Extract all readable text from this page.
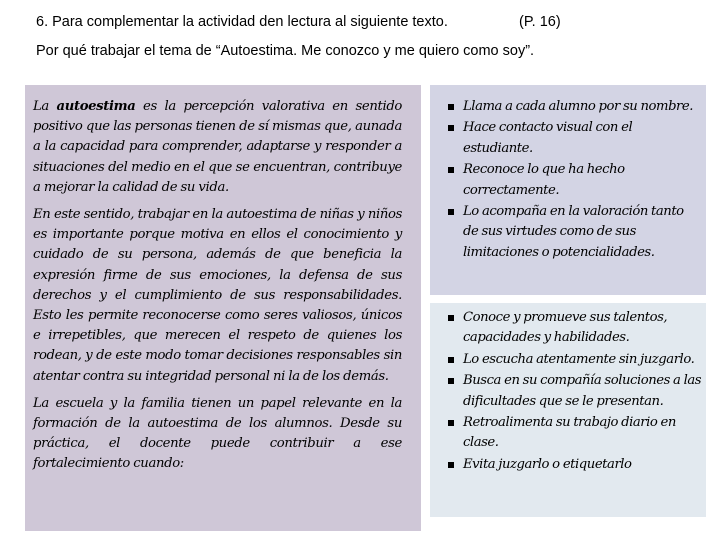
6. Para complementar la actividad den lectura al siguiente texto.	(P. 16)
Por qué trabajar el tema de “Autoestima. Me conozco y me quiero como soy”.

La autoestima es la percepción valorativa en sentido positivo que las personas tienen de sí mismas que, aunada a la capacidad para comprender, adaptarse y responder a situaciones del medio en el que se encuentran, contribuye a mejorar la calidad de su vida.

En este sentido, trabajar en la autoestima de niñas y niños es importante porque motiva en ellos el conocimiento y cuidado de su persona, además de que beneficia la expresión firme de sus emociones, la defensa de sus derechos y el cumplimiento de sus responsabilidades. Esto les permite reconocerse como seres valiosos, únicos e irrepetibles, que merecen el respeto de quienes los rodean, y de este modo tomar decisiones responsables sin atentar contra su integridad personal ni la de los demás.

La escuela y la familia tienen un papel relevante en la formación de la autoestima de los alumnos. Desde su práctica, el docente puede contribuir a ese fortalecimiento cuando:

Llama a cada alumno por su nombre.
Hace contacto visual con el estudiante.
Reconoce lo que ha hecho correctamente.
Lo acompaña en la valoración tanto de sus virtudes como de sus limitaciones o potencialidades.
Conoce y promueve sus talentos, capacidades y habilidades.
Lo escucha atentamente sin juzgarlo.
Busca en su compañía soluciones a las dificultades que se le presentan.
Retroalimenta su trabajo diario en clase.
Evita juzgarlo o etiquetarlo
